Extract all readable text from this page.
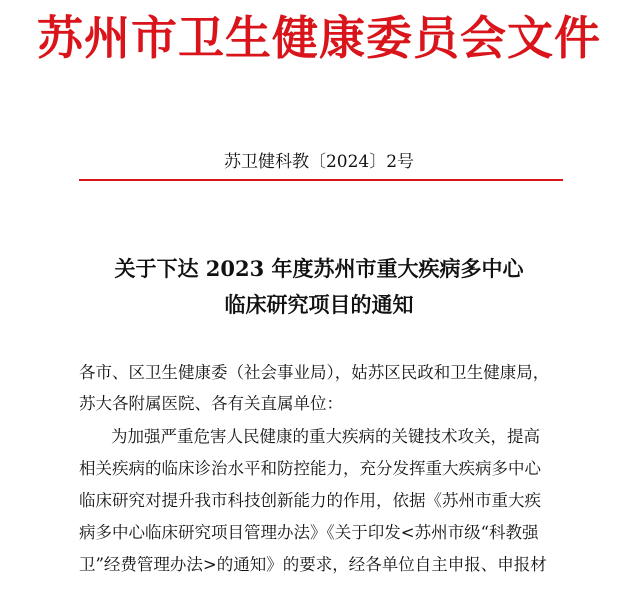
苏州市卫生健康委员会文件
苏卫健科教〔2024〕2号
关于下达 2023 年度苏州市重大疾病多中心
临床研究项目的通知
各市、区卫生健康委（社会事业局），姑苏区民政和卫生健康局，
苏大各附属医院、各有关直属单位：
为加强严重危害人民健康的重大疾病的关键技术攻关，提高
相关疾病的临床诊治水平和防控能力，充分发挥重大疾病多中心
临床研究对提升我市科技创新能力的作用，依据《苏州市重大疾
病多中心临床研究项目管理办法》《关于印发<苏州市级“科教强
卫”经费管理办法>的通知》的要求，经各单位自主申报、申报材
